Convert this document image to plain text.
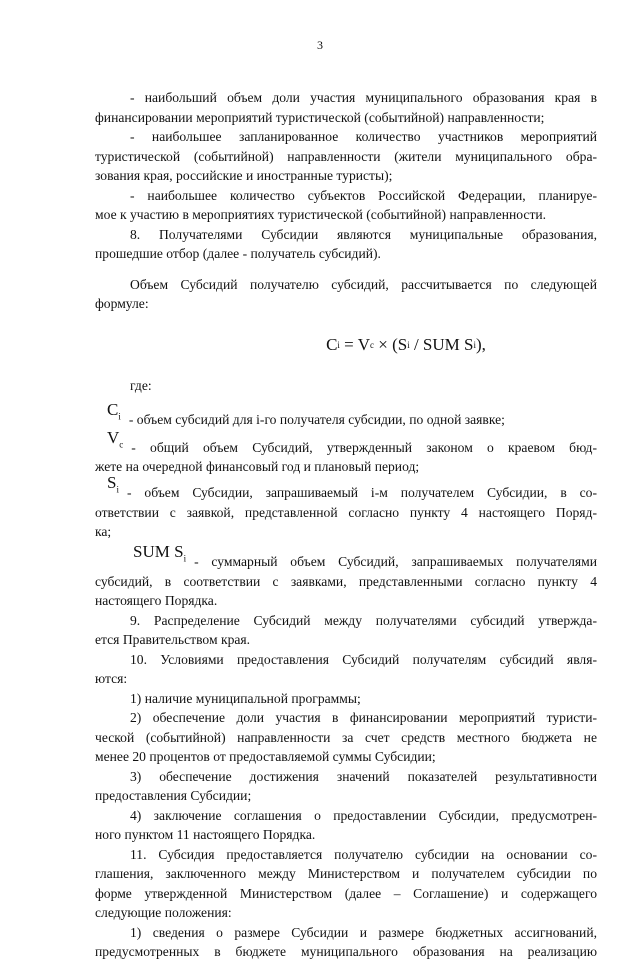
3
- наибольший объем доли участия муниципального образования края в
финансировании мероприятий туристической (событийной) направленности;
- наибольшее запланированное количество участников мероприятий
туристической (событийной) направленности (жители муниципального обра-
зования края, российские и иностранные туристы);
- наибольшее количество субъектов Российской Федерации, планируе-
мое к участию в мероприятиях туристической (событийной) направленности.
8. Получателями Субсидии являются муниципальные образования,
прошедшие отбор (далее - получатель субсидий).
Объем Субсидий получателю субсидий, рассчитывается по следующей
формуле:
C i = V c × (S i / SUM S i ),
где:
$C_i$ - объем субсидий для i-го получателя субсидии, по одной заявке;
$V_c$ - общий объем Субсидий, утвержденный законом о краевом бюд-
жете на очередной финансовый год и плановый период;
$S_i$ - объем Субсидии, запрашиваемый i-м получателем Субсидии, в со-
ответствии с заявкой, представленной согласно пункту 4 настоящего Поряд-
ка;
SUM $S_i$ - суммарный объем Субсидий, запрашиваемых получателями
субсидий, в соответствии с заявками, представленными согласно пункту 4
настоящего Порядка.
9. Распределение Субсидий между получателями субсидий утвержда-
ется Правительством края.
10. Условиями предоставления Субсидий получателям субсидий явля-
ются:
1) наличие муниципальной программы;
2) обеспечение доли участия в финансировании мероприятий туристи-
ческой (событийной) направленности за счет средств местного бюджета не
менее 20 процентов от предоставляемой суммы Субсидии;
3) обеспечение достижения значений показателей результативности
предоставления Субсидии;
4) заключение соглашения о предоставлении Субсидии, предусмотрен-
ного пунктом 11 настоящего Порядка.
11. Субсидия предоставляется получателю субсидии на основании со-
глашения, заключенного между Министерством и получателем субсидии по
форме утвержденной Министерством (далее – Соглашение) и содержащего
следующие положения:
1) сведения о размере Субсидии и размере бюджетных ассигнований,
предусмотренных в бюджете муниципального образования на реализацию
